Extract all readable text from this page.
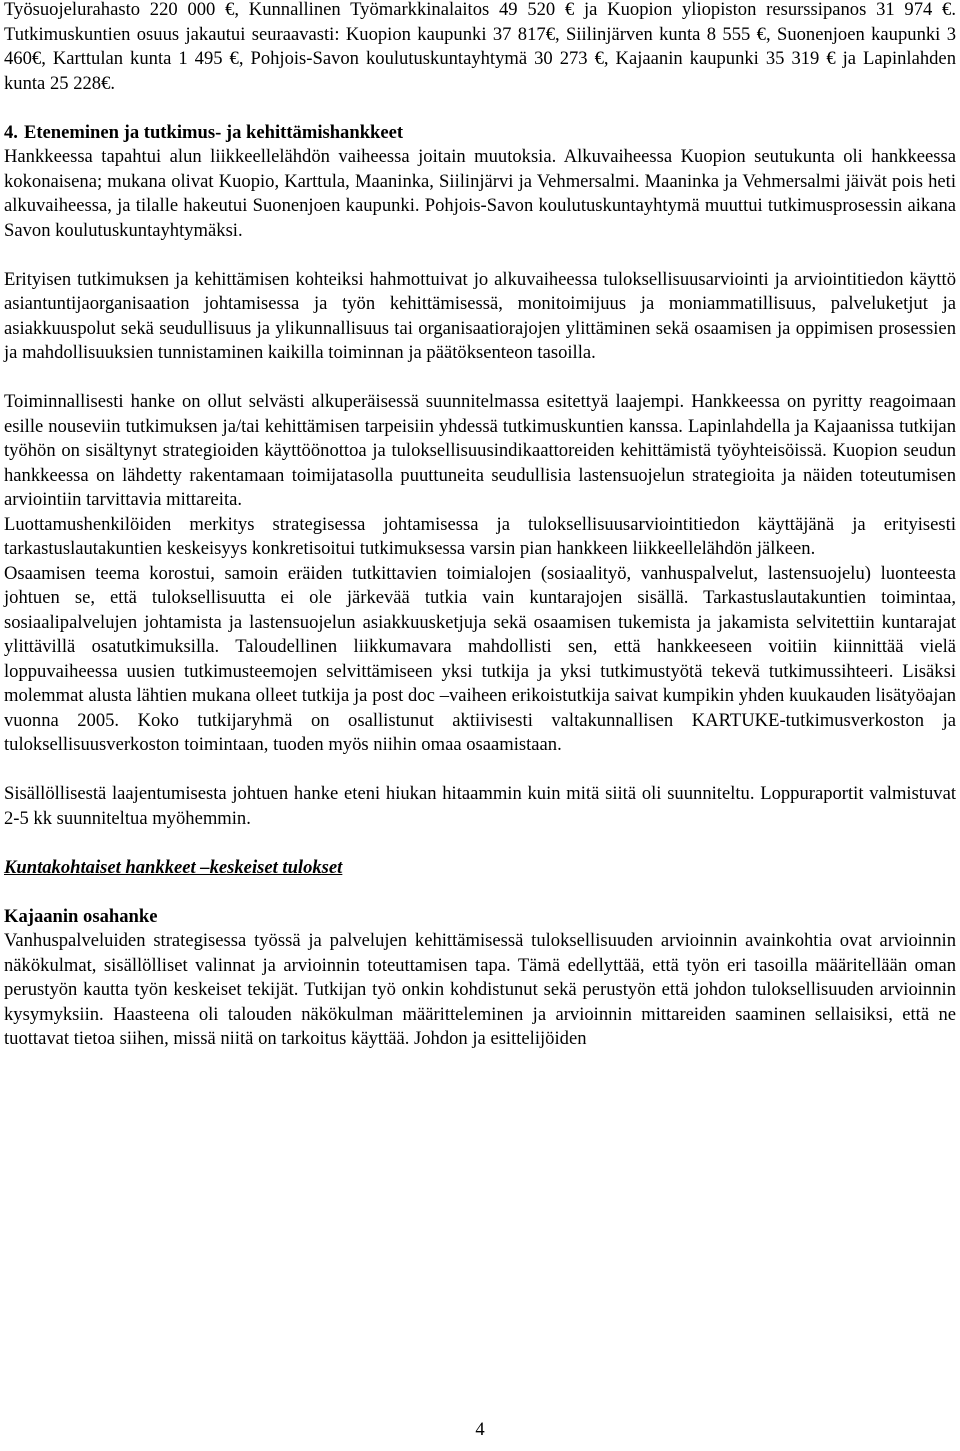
Työsuojelurahasto 220 000 €, Kunnallinen Työmarkkinalaitos 49 520 € ja Kuopion yliopiston resurssipanos 31 974 €. Tutkimuskuntien osuus jakautui seuraavasti: Kuopion kaupunki 37 817€, Siilinjärven kunta 8 555 €, Suonenjoen kaupunki 3 460€, Karttulan kunta 1 495 €, Pohjois-Savon koulutuskuntayhtymä 30 273 €, Kajaanin kaupunki 35 319 € ja Lapinlahden kunta 25 228€.

4. Eteneminen ja tutkimus- ja kehittämishankkeet

Hankkeessa tapahtui alun liikkeellelähdön vaiheessa joitain muutoksia. Alkuvaiheessa Kuopion seutukunta oli hankkeessa kokonaisena; mukana olivat Kuopio, Karttula, Maaninka, Siilinjärvi ja Vehmersalmi. Maaninka ja Vehmersalmi jäivät pois heti alkuvaiheessa, ja tilalle hakeutui Suonenjoen kaupunki. Pohjois-Savon koulutuskuntayhtymä muuttui tutkimusprosessin aikana Savon koulutuskuntayhtymäksi.

Erityisen tutkimuksen ja kehittämisen kohteiksi hahmottuivat jo alkuvaiheessa tuloksellisuusarviointi ja arviointitiedon käyttö asiantuntijaorganisaation johtamisessa ja työn kehittämisessä, monitoimijuus ja moniammatillisuus, palveluketjut ja asiakkuuspolut sekä seudullisuus ja ylikunnallisuus tai organisaatiorajojen ylittäminen sekä osaamisen ja oppimisen prosessien ja mahdollisuuksien tunnistaminen kaikilla toiminnan ja päätöksenteon tasoilla.

Toiminnallisesti hanke on ollut selvästi alkuperäisessä suunnitelmassa esitettyä laajempi. Hankkeessa on pyritty reagoimaan esille nouseviin tutkimuksen ja/tai kehittämisen tarpeisiin yhdessä tutkimuskuntien kanssa. Lapinlahdella ja Kajaanissa tutkijan työhön on sisältynyt strategioiden käyttöönottoa ja tuloksellisuusindikaattoreiden kehittämistä työyhteisöissä. Kuopion seudun hankkeessa on lähdetty rakentamaan toimijatasolla puuttuneita seudullisia lastensuojelun strategioita ja näiden toteutumisen arviointiin tarvittavia mittareita.

Luottamushenkilöiden merkitys strategisessa johtamisessa ja tuloksellisuusarviointitiedon käyttäjänä ja erityisesti tarkastuslautakuntien keskeisyys konkretisoitui tutkimuksessa varsin pian hankkeen liikkeellelähdön jälkeen.

Osaamisen teema korostui, samoin eräiden tutkittavien toimialojen (sosiaalityö, vanhuspalvelut, lastensuojelu) luonteesta johtuen se, että tuloksellisuutta ei ole järkevää tutkia vain kuntarajojen sisällä. Tarkastuslautakuntien toimintaa, sosiaalipalvelujen johtamista ja lastensuojelun asiakkuusketjuja sekä osaamisen tukemista ja jakamista selvitettiin kuntarajat ylittävillä osatutkimuksilla. Taloudellinen liikkumavara mahdollisti sen, että hankkeeseen voitiin kiinnittää vielä loppuvaiheessa uusien tutkimusteemojen selvittämiseen yksi tutkija ja yksi tutkimustyötä tekevä tutkimussihteeri. Lisäksi molemmat alusta lähtien mukana olleet tutkija ja post doc –vaiheen erikoistutkija saivat kumpikin yhden kuukauden lisätyöajan vuonna 2005. Koko tutkijaryhmä on osallistunut aktiivisesti valtakunnallisen KARTUKE-tutkimusverkoston ja tuloksellisuusverkoston toimintaan, tuoden myös niihin omaa osaamistaan.

Sisällöllisestä laajentumisesta johtuen hanke eteni hiukan hitaammin kuin mitä siitä oli suunniteltu. Loppuraportit valmistuvat 2-5 kk suunniteltua myöhemmin.

Kuntakohtaiset hankkeet –keskeiset tulokset

Kajaanin osahanke

Vanhuspalveluiden strategisessa työssä ja palvelujen kehittämisessä tuloksellisuuden arvioinnin avainkohtia ovat arvioinnin näkökulmat, sisällölliset valinnat ja arvioinnin toteuttamisen tapa. Tämä edellyttää, että työn eri tasoilla määritellään oman perustyön kautta työn keskeiset tekijät. Tutkijan työ onkin kohdistunut sekä perustyön että johdon tuloksellisuuden arvioinnin kysymyksiin. Haasteena oli talouden näkökulman määritteleminen ja arvioinnin mittareiden saaminen sellaisiksi, että ne tuottavat tietoa siihen, missä niitä on tarkoitus käyttää. Johdon ja esittelijöiden

4
